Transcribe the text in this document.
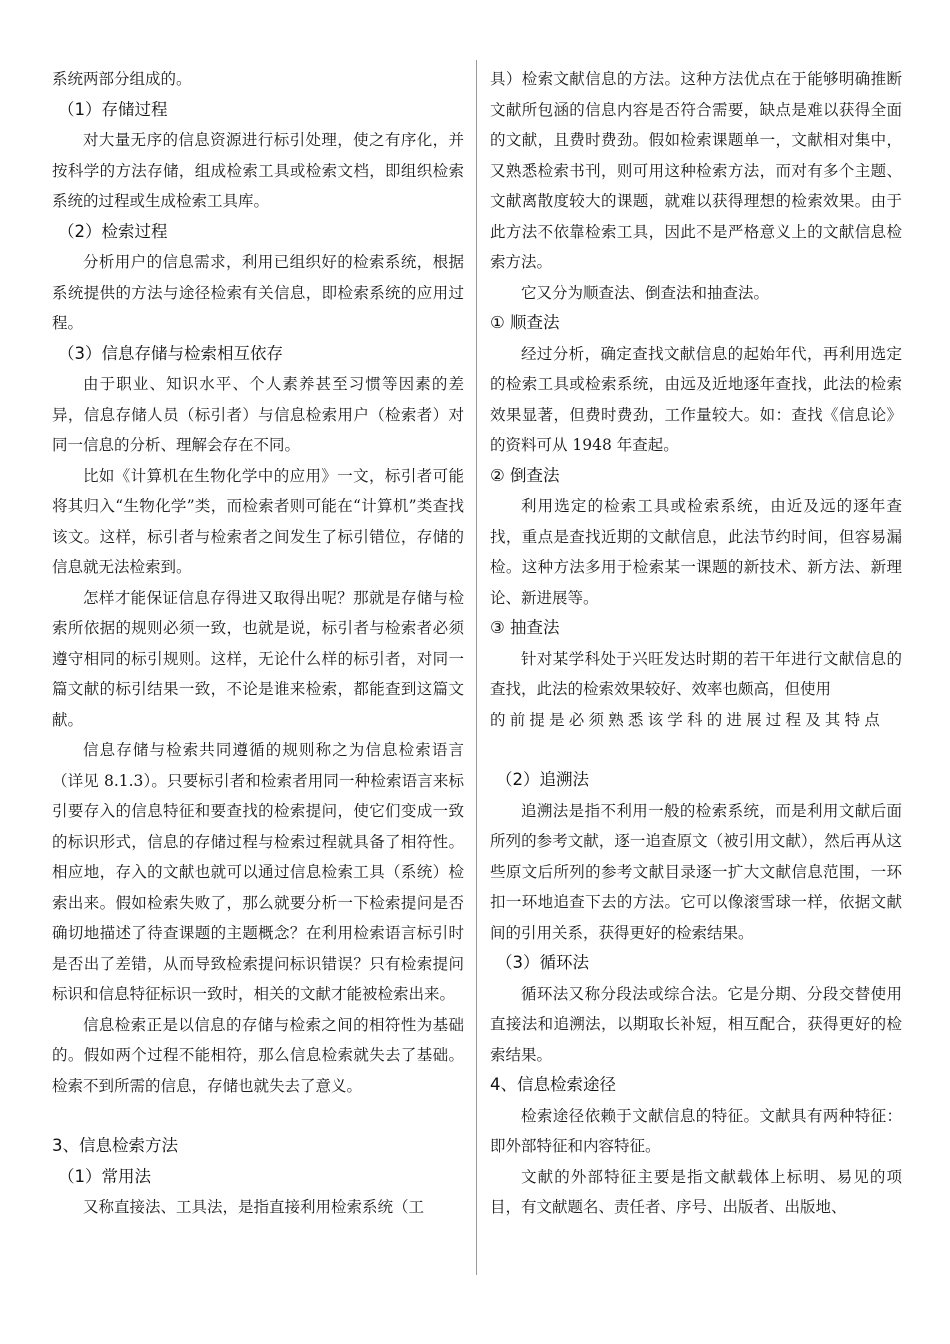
系统两部分组成的。

（1）存储过程

对大量无序的信息资源进行标引处理，使之有序化，并按科学的方法存储，组成检索工具或检索文档，即组织检索系统的过程或生成检索工具库。

（2）检索过程

分析用户的信息需求，利用已组织好的检索系统，根据系统提供的方法与途径检索有关信息，即检索系统的应用过程。

（3）信息存储与检索相互依存

由于职业、知识水平、个人素养甚至习惯等因素的差异，信息存储人员（标引者）与信息检索用户（检索者）对同一信息的分析、理解会存在不同。

比如《计算机在生物化学中的应用》一文，标引者可能将其归入“生物化学”类，而检索者则可能在“计算机”类查找该文。这样，标引者与检索者之间发生了标引错位，存储的信息就无法检索到。

怎样才能保证信息存得进又取得出呢？那就是存储与检索所依据的规则必须一致，也就是说，标引者与检索者必须遵守相同的标引规则。这样，无论什么样的标引者，对同一篇文献的标引结果一致，不论是谁来检索，都能查到这篇文献。

信息存储与检索共同遵循的规则称之为信息检索语言（详见 8.1.3）。只要标引者和检索者用同一种检索语言来标引要存入的信息特征和要查找的检索提问，使它们变成一致的标识形式，信息的存储过程与检索过程就具备了相符性。相应地，存入的文献也就可以通过信息检索工具（系统）检索出来。假如检索失败了，那么就要分析一下检索提问是否确切地描述了待查课题的主题概念？在利用检索语言标引时是否出了差错，从而导致检索提问标识错误？只有检索提问标识和信息特征标识一致时，相关的文献才能被检索出来。

信息检索正是以信息的存储与检索之间的相符性为基础的。假如两个过程不能相符，那么信息检索就失去了基础。检索不到所需的信息，存储也就失去了意义。

3、信息检索方法

（1）常用法

又称直接法、工具法，是指直接利用检索系统（工

具）检索文献信息的方法。这种方法优点在于能够明确推断文献所包涵的信息内容是否符合需要，缺点是难以获得全面的文献，且费时费劲。假如检索课题单一，文献相对集中，又熟悉检索书刊，则可用这种检索方法，而对有多个主题、文献离散度较大的课题，就难以获得理想的检索效果。由于此方法不依靠检索工具，因此不是严格意义上的文献信息检索方法。

它又分为顺查法、倒查法和抽查法。

① 顺查法

经过分析，确定查找文献信息的起始年代，再利用选定的检索工具或检索系统，由远及近地逐年查找，此法的检索效果显著，但费时费劲，工作量较大。如：查找《信息论》的资料可从 1948 年查起。

② 倒查法

利用选定的检索工具或检索系统，由近及远的逐年查找，重点是查找近期的文献信息，此法节约时间，但容易漏检。这种方法多用于检索某一课题的新技术、新方法、新理论、新进展等。

③ 抽查法

针对某学科处于兴旺发达时期的若干年进行文献信息的查找，此法的检索效果较好、效率也颇高，但使用

的前提是必须熟悉该学科的进展过程及其特点

（2）追溯法

追溯法是指不利用一般的检索系统，而是利用文献后面所列的参考文献，逐一追查原文（被引用文献），然后再从这些原文后所列的参考文献目录逐一扩大文献信息范围，一环扣一环地追查下去的方法。它可以像滚雪球一样，依据文献间的引用关系，获得更好的检索结果。

（3）循环法

循环法又称分段法或综合法。它是分期、分段交替使用直接法和追溯法，以期取长补短，相互配合，获得更好的检索结果。

4、信息检索途径

检索途径依赖于文献信息的特征。文献具有两种特征：即外部特征和内容特征。

文献的外部特征主要是指文献载体上标明、易见的项目，有文献题名、责任者、序号、出版者、出版地、
